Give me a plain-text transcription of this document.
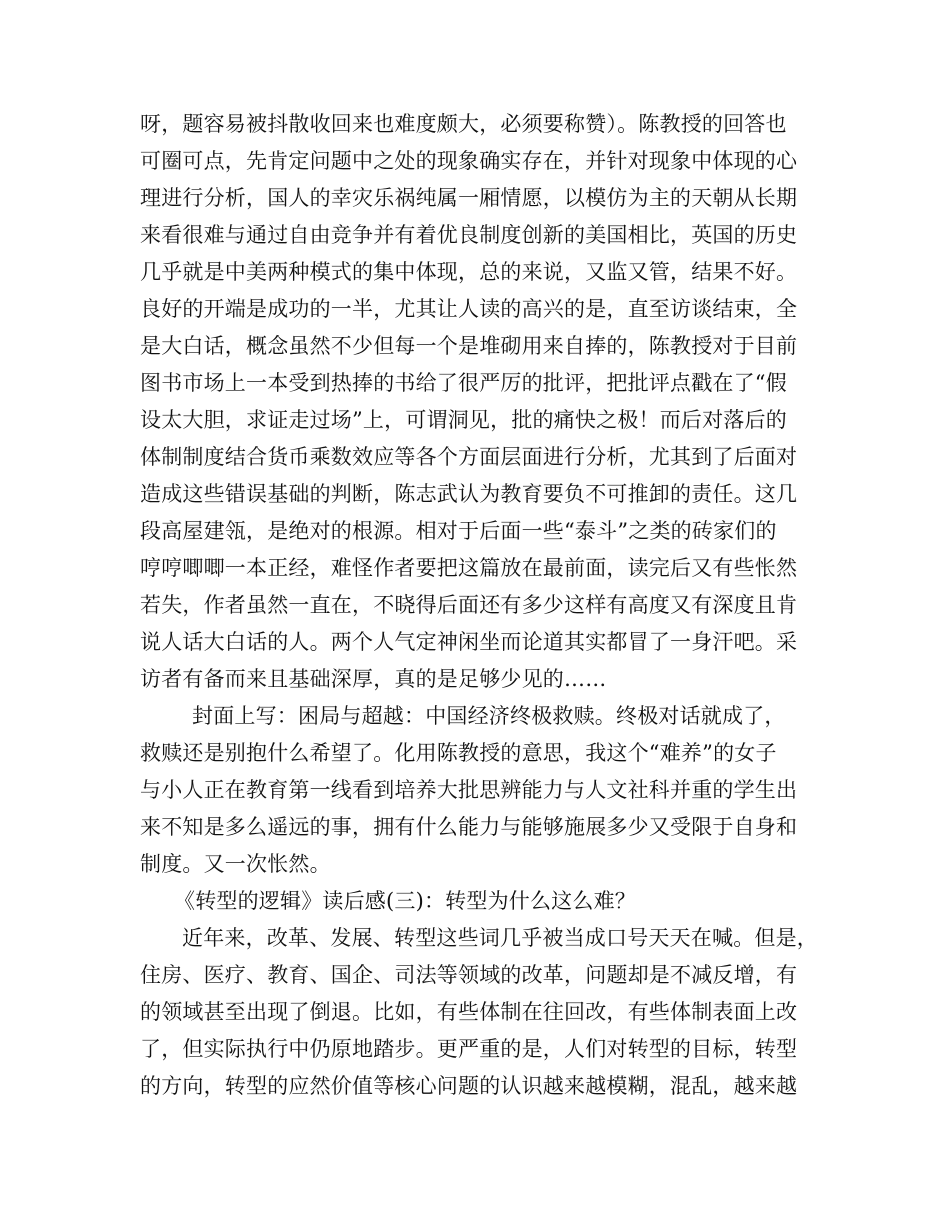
呀，题容易被抖散收回来也难度颇大，必须要称赞）。陈教授的回答也
可圈可点，先肯定问题中之处的现象确实存在，并针对现象中体现的心
理进行分析，国人的幸灾乐祸纯属一厢情愿，以模仿为主的天朝从长期
来看很难与通过自由竞争并有着优良制度创新的美国相比，英国的历史
几乎就是中美两种模式的集中体现，总的来说，又监又管，结果不好。
良好的开端是成功的一半，尤其让人读的高兴的是，直至访谈结束，全
是大白话，概念虽然不少但每一个是堆砌用来自捧的，陈教授对于目前
图书市场上一本受到热捧的书给了很严厉的批评，把批评点戳在了“假
设太大胆，求证走过场”上，可谓洞见，批的痛快之极！而后对落后的
体制制度结合货币乘数效应等各个方面层面进行分析，尤其到了后面对
造成这些错误基础的判断，陈志武认为教育要负不可推卸的责任。这几
段高屋建瓴，是绝对的根源。相对于后面一些“泰斗”之类的砖家们的
哼哼唧唧一本正经，难怪作者要把这篇放在最前面，读完后又有些怅然
若失，作者虽然一直在，不晓得后面还有多少这样有高度又有深度且肯
说人话大白话的人。两个人气定神闲坐而论道其实都冒了一身汗吧。采
访者有备而来且基础深厚，真的是足够少见的……
封面上写：困局与超越：中国经济终极救赎。终极对话就成了，
救赎还是别抱什么希望了。化用陈教授的意思，我这个“难养”的女子
与小人正在教育第一线看到培养大批思辨能力与人文社科并重的学生出
来不知是多么遥远的事，拥有什么能力与能够施展多少又受限于自身和
制度。又一次怅然。
《转型的逻辑》读后感(三)：转型为什么这么难？
近年来，改革、发展、转型这些词几乎被当成口号天天在喊。但是，
住房、医疗、教育、国企、司法等领域的改革，问题却是不减反增，有
的领域甚至出现了倒退。比如，有些体制在往回改，有些体制表面上改
了，但实际执行中仍原地踏步。更严重的是，人们对转型的目标，转型
的方向，转型的应然价值等核心问题的认识越来越模糊，混乱，越来越
